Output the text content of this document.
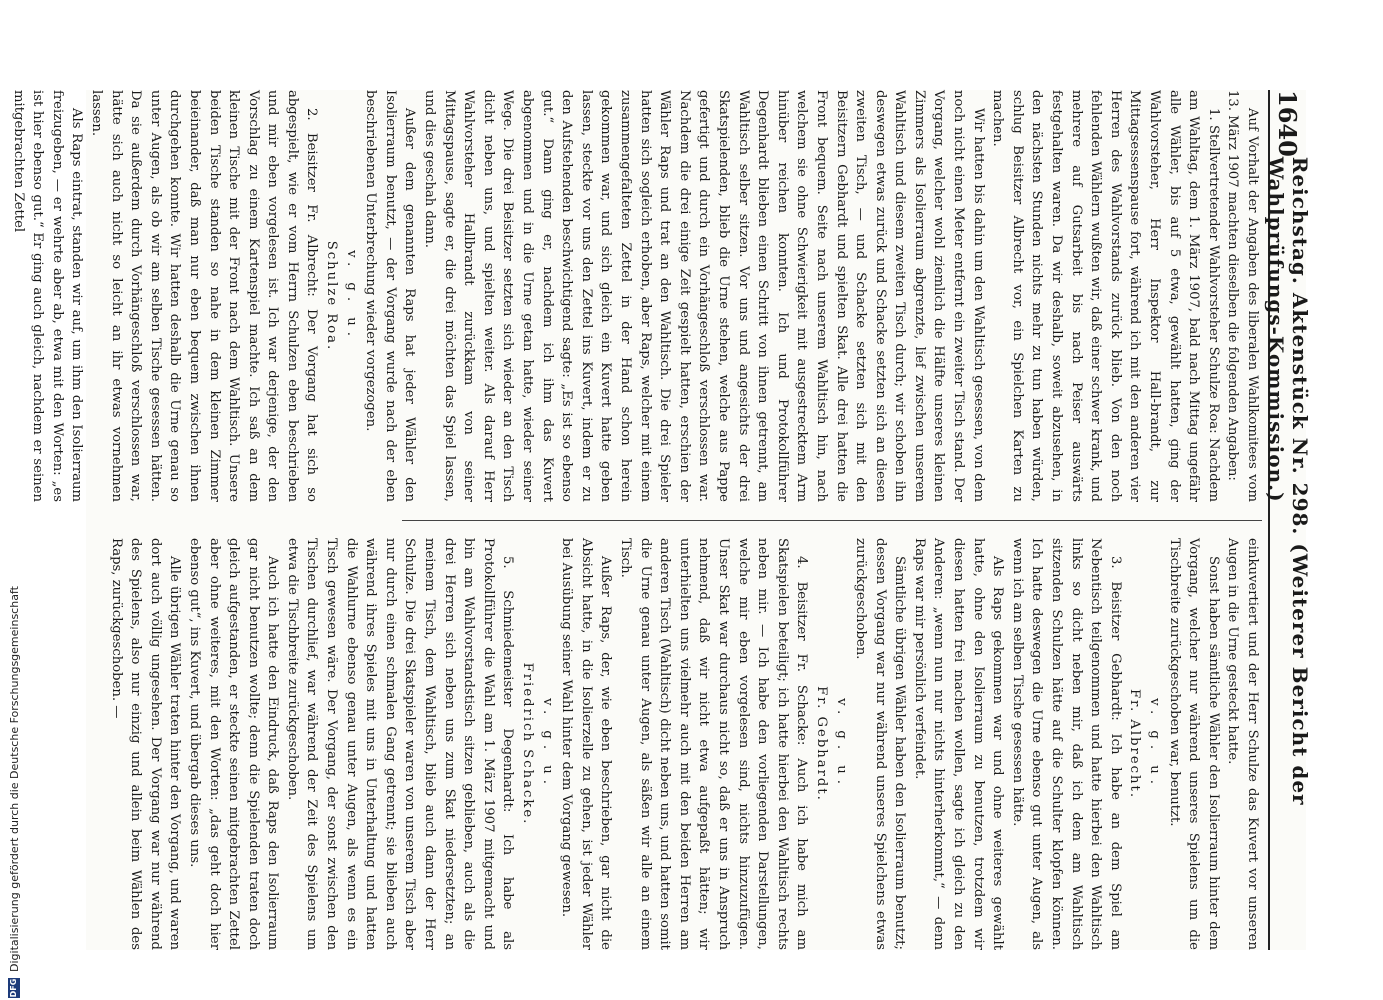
1640
Reichstag. Aktenstück Nr. 298. (Weiterer Bericht der Wahlprüfungs-Kommission.)

Auf Vorhalt der Angaben des liberalen Wahlkomitees vom 13. März 1907 machten dieselben die folgenden Angaben:

1. Stellvertretender Wahlvorsteher Schulze Roa: Nachdem am Wahltag, dem 1. März 1907, bald nach Mittag ungefähr alle Wähler, bis auf 5 etwa, gewählt hatten, ging der Wahlvorsteher, Herr Inspektor Hall-brandt, zur Mittagsessenspause fort, während ich mit den anderen vier Herren des Wahlvorstands zurück blieb. Von den noch fehlenden Wählern wußten wir, daß einer schwer krank, und mehrere auf Gutsarbeit bis nach Peiser auswärts festgehalten waren. Da wir deshalb, soweit abzusehen, in den nächsten Stunden nichts mehr zu tun haben würden, schlug Beisitzer Albrecht vor, ein Spielchen Karten zu machen.

Wir hatten bis dahin um den Wahltisch gesessen, von dem noch nicht einen Meter entfernt ein zweiter Tisch stand. Der Vorgang, welcher wohl ziemlich die Hälfte unseres kleinen Zimmers als Isolierraum abgrenzte, lief zwischen unserem Wahltisch und diesem zweiten Tisch durch; wir schoben ihn deswegen etwas zurück und Schacke setzten sich an diesen zweiten Tisch, — und Schacke setzten sich mit den Beisitzern Gebhardt und spielten Skat. Alle drei hatten die Front bequem. Seite nach unserem Wahltisch hin, nach welchem sie ohne Schwierigkeit mit ausgestrecktem Arm hinüber reichen konnten. Ich und Protokollführer Degenhardt blieben einen Schritt von ihnen getrennt, am Wahltisch selber sitzen. Vor uns und angesichts der drei Skatspielenden, blieb die Urne stehen, welche aus Pappe gefertigt und durch ein Vorhängeschloß verschlossen war. Nachdem die drei einige Zeit gespielt hatten, erschien der Wähler Raps und trat an den Wahltisch. Die drei Spieler hatten sich sogleich erhoben, aber Raps, welcher mit einem zusammengefalteten Zettel in der Hand schon herein gekommen war, und sich gleich ein Kuvert hatte geben lassen, steckte vor uns den Zettel ins Kuvert, indem er zu den Aufstehenden beschwichtigend sagte: „Es ist so ebenso gut.“ Dann ging er, nachdem ich ihm das Kuvert abgenommen und in die Urne getan hatte, wieder seiner Wege. Die drei Beisitzer setzten sich wieder an den Tisch dicht neben uns, und spielten weiter. Als darauf Herr Wahlvorsteher Hallbrandt zurückkam von seiner Mittagspause, sagte er, die drei möchten das Spiel lassen, und dies geschah dann.

Außer dem genannten Raps hat jeder Wähler den Isolierraum benutzt, — der Vorgang wurde nach der eben beschriebenen Unterbrechung wieder vorgezogen.

v. g. u.

Schulze Roa.

2. Beisitzer Fr. Albrecht: Der Vorgang hat sich so abgespielt, wie er vom Herrn Schulzen eben beschrieben und mir eben vorgelesen ist. Ich war derjenige, der den Vorschlag zu einem Kartenspiel machte. Ich saß an dem kleinen Tische mit der Front nach dem Wahltisch. Unsere beiden Tische standen so nahe in dem kleinen Zimmer beieinander, daß man nur eben bequem zwischen ihnen durchgehen konnte. Wir hatten deshalb die Urne genau so unter Augen, als ob wir am selben Tische gesessen hätten. Da sie außerdem durch Vorhängeschloß verschlossen war, hätte sich auch nicht so leicht an ihr etwas vornehmen lassen.

Als Raps eintrat, standen wir auf, um ihm den Isolierraum freizugeben, — er wehrte aber ab, etwa mit den Worten: „es ist hier ebenso gut.“ Er ging auch gleich, nachdem er seinen mitgebrachten Zettel

einkuvertiert und der Herr Schulze das Kuvert vor unseren Augen in die Urne gesteckt hatte.

Sonst haben sämtliche Wähler den Isolierraum hinter dem Vorgang, welcher nur während unseres Spielens um die Tischbreite zurückgeschoben war, benutzt.

v. g. u.

Fr. Albrecht.

3. Beisitzer Gebhardt: Ich habe an dem Spiel am Nebentisch teilgenommen und hatte hierbei den Wahltisch links so dicht neben mir, daß ich dem am Wahltisch sitzenden Schulzen hätte auf die Schulter klopfen können. Ich hatte deswegen die Urne ebenso gut unter Augen, als wenn ich am selben Tische gesessen hätte.

Als Raps gekommen war und ohne weiteres gewählt hatte, ohne den Isolierraum zu benutzen, trotzdem wir diesen hatten frei machen wollen, sagte ich gleich zu den Anderen: „wenn nun nur nichts hinterherkommt,“ — denn Raps war mir persönlich verfeindet.

Sämtliche übrigen Wähler haben den Isolierraum benutzt; dessen Vorgang war nur während unseres Spielchens etwas zurückgeschoben.

v. g. u.

Fr. Gebhardt.

4. Beisitzer Fr. Schacke: Auch ich habe mich am Skatspielen beteiligt; ich hatte hierbei den Wahltisch rechts neben mir. — Ich habe den vorliegenden Darstellungen, welche mir eben vorgelesen sind, nichts hinzuzufügen. Unser Skat war durchaus nicht so, daß er uns in Anspruch nehmend, daß wir nicht etwa aufgepaßt hätten; wir unterhielten uns vielmehr auch mit den beiden Herren am anderen Tisch (Wahltisch) dicht neben uns, und hatten somit die Urne genau unter Augen, als säßen wir alle an einem Tisch.

Außer Raps, der, wie eben beschrieben, gar nicht die Absicht hatte, in die Isolierzelle zu gehen, ist jeder Wähler bei Ausübung seiner Wahl hinter dem Vorgang gewesen.

v. g. u.

Friedrich Schacke.

5. Schmiedemeister Degenhardt: Ich habe als Protokollführer die Wahl am 1. März 1907 mitgemacht und bin am Wahlvorstandstisch sitzen geblieben, auch als die drei Herren sich neben uns zum Skat niedersetzten; an meinem Tisch, dem Wahltisch, blieb auch dann der Herr Schulze. Die drei Skatspieler waren von unserem Tisch aber nur durch einen schmalen Gang getrennt; sie blieben auch während ihres Spieles mit uns in Unterhaltung und hatten die Wahlurne ebenso genau unter Augen, als wenn es ein Tisch gewesen wäre. Der Vorgang, der sonst zwischen den Tischen durchlief, war während der Zeit des Spielens um etwa die Tischbreite zurückgeschoben.

Auch ich hatte den Eindruck, daß Raps den Isolierraum gar nicht benutzen wollte; denn die Spielenden traten doch gleich aufgestanden, er steckte seinen mitgebrachten Zettel aber ohne weiteres, mit den Worten: „das geht doch hier ebenso gut“, ins Kuvert, und übergab dieses uns.

Alle übrigen Wähler traten hinter den Vorgang, und waren dort auch völlig ungesehen. Der Vorgang war nur während des Spielens, also nur einzig und allein beim Wählen des Raps, zurückgeschoben. —

DFG
Digitalisierung gefördert durch die Deutsche Forschungsgemeinschaft
